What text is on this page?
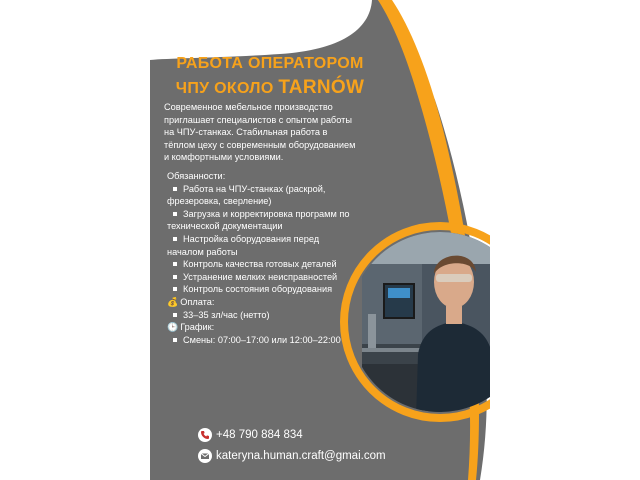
РАБОТА ОПЕРАТОРОМ
ЧПУ ОКОЛО TARNÓW
Современное мебельное производство приглашает специалистов с опытом работы на ЧПУ-станках. Стабильная работа в тёплом цеху с современным оборудованием и комфортными условиями.
Обязанности:
Работа на ЧПУ-станках (раскрой, фрезеровка, сверление)
Загрузка и корректировка программ по технической документации
Настройка оборудования перед началом работы
Контроль качества готовых деталей
Устранение мелких неисправностей
Контроль состояния оборудования
💰 Оплата:
33–35 зл/час (нетто)
🕒 График:
Смены: 07:00–17:00 или 12:00–22:00
+48 790 884 834
kateryna.human.craft@gmai.com
